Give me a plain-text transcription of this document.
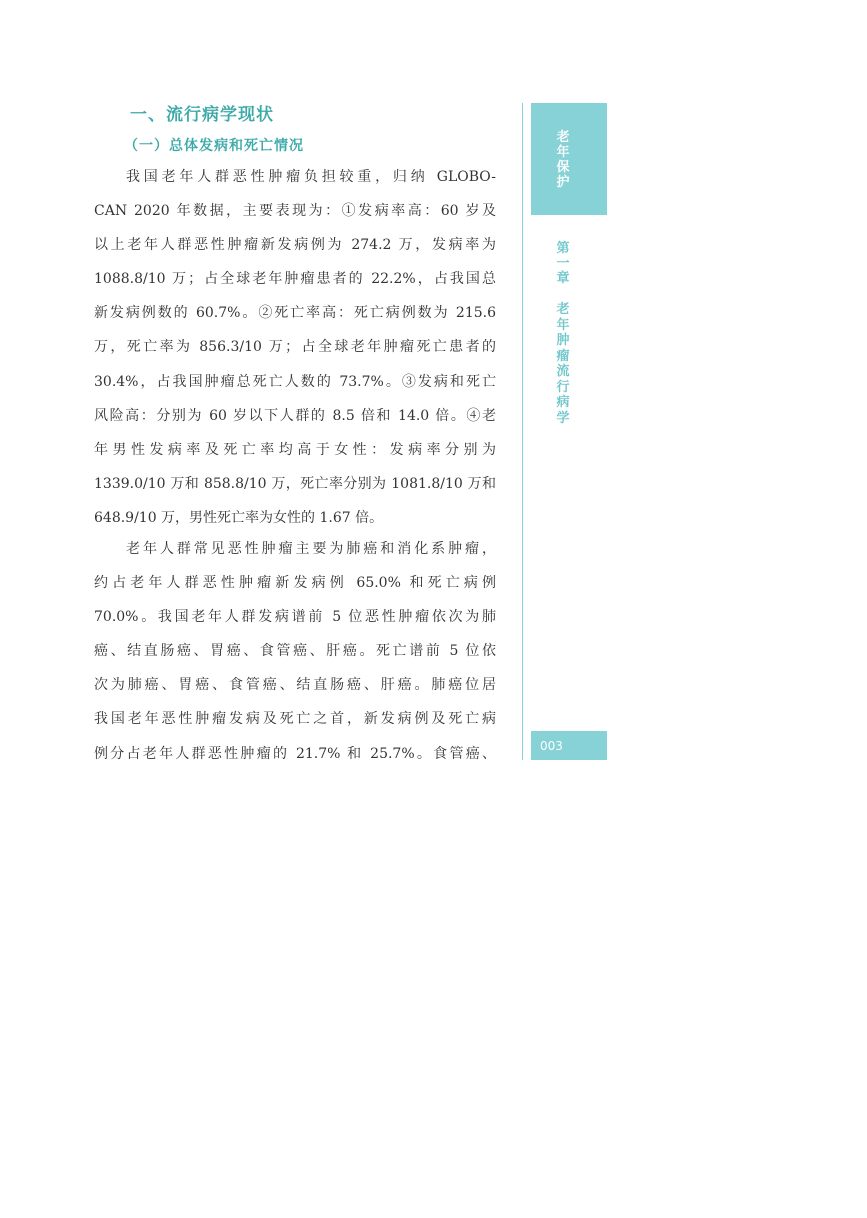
一、流行病学现状
（一）总体发病和死亡情况
我国老年人群恶性肿瘤负担较重，归纳 GLOBO-
CAN 2020 年数据，主要表现为：①发病率高：60 岁及
以上老年人群恶性肿瘤新发病例为 274.2 万，发病率为
1088.8/10 万；占全球老年肿瘤患者的 22.2%，占我国总
新发病例数的 60.7%。②死亡率高：死亡病例数为 215.6
万，死亡率为 856.3/10 万；占全球老年肿瘤死亡患者的
30.4%，占我国肿瘤总死亡人数的 73.7%。③发病和死亡
风险高：分别为 60 岁以下人群的 8.5 倍和 14.0 倍。④老
年男性发病率及死亡率均高于女性：发病率分别为
1339.0/10 万和 858.8/10 万，死亡率分别为 1081.8/10 万和
648.9/10 万，男性死亡率为女性的 1.67 倍。
老年人群常见恶性肿瘤主要为肺癌和消化系肿瘤，
约占老年人群恶性肿瘤新发病例 65.0% 和死亡病例
70.0%。我国老年人群发病谱前 5 位恶性肿瘤依次为肺
癌、结直肠癌、胃癌、食管癌、肝癌。死亡谱前 5 位依
次为肺癌、胃癌、食管癌、结直肠癌、肝癌。肺癌位居
我国老年恶性肿瘤发病及死亡之首，新发病例及死亡病
例分占老年人群恶性肿瘤的 21.7% 和 25.7%。食管癌、
老年保护
第一章
老年肿瘤流行病学
003
